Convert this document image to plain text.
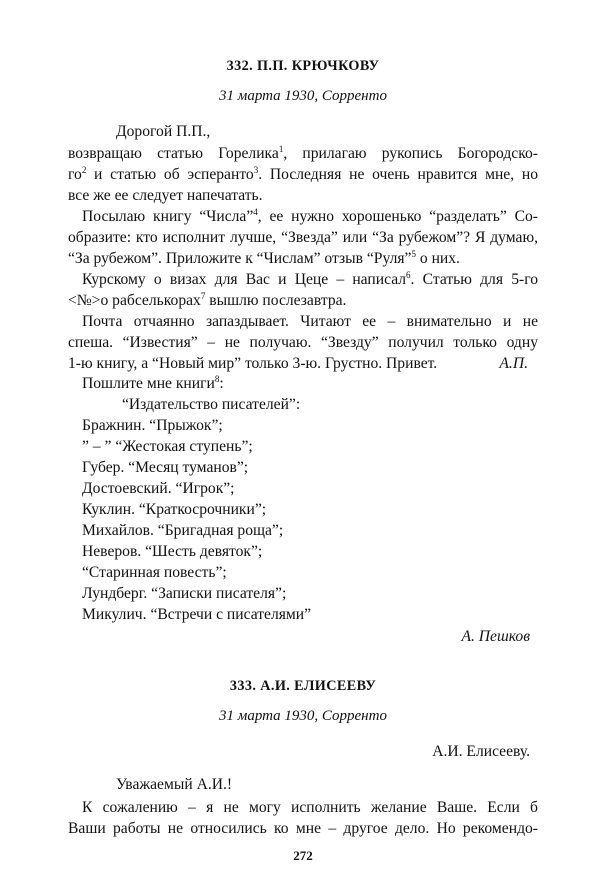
332. П.П. КРЮЧКОВУ
31 марта 1930, Сорренто
Дорогой П.П.,
возвращаю статью Горелика$^1$, прилагаю рукопись Богородско-
$го^2$ и статью об эсперанто$^3$. Последняя не очень нравится мне, но
все же ее следует напечатать.
Посылаю книгу “Числа”$^4$, ее нужно хорошенько “разделать” Со-
образите: кто исполнит лучше, “Звезда” или “За рубежом”? Я думаю,
“За рубежом”. Приложите к “Числам” отзыв “Руля”$^5$ о них.
Курскому о визах для Вас и Цеце – написал$^6$. Статью для 5-го
<№>о рабселькорах$^7$ вышлю послезавтра.
Почта отчаянно запаздывает. Читают ее – внимательно и не
спеша. “Известия” – не получаю. “Звезду” получил только одну
1-ю книгу, а “Новый мир” только 3-ю. Грустно. Привет.	А.П.
Пошлите мне книги$^8$:
“Издательство писателей”:
Бражнин. “Прыжок”;
” – ” “Жестокая ступень”;
Губер. “Месяц туманов”;
Достоевский. “Игрок”;
Куклин. “Краткосрочники”;
Михайлов. “Бригадная роща”;
Неверов. “Шесть девяток”;
“Старинная повесть”;
Лундберг. “Записки писателя”;
Микулич. “Встречи с писателями”
А. Пешков
333. А.И. ЕЛИСЕЕВУ
31 марта 1930, Сорренто
А.И. Елисееву.
Уважаемый А.И.!
К сожалению – я не могу исполнить желание Ваше. Если б
Ваши работы не относились ко мне – другое дело. Но рекомендо-
272
